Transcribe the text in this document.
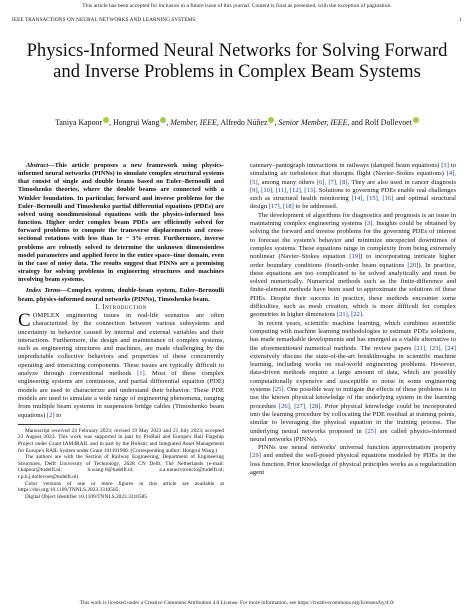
This article has been accepted for inclusion in a future issue of this journal. Content is final as presented, with the exception of pagination.
IEEE TRANSACTIONS ON NEURAL NETWORKS AND LEARNING SYSTEMS	1
Physics-Informed Neural Networks for Solving Forward and Inverse Problems in Complex Beam Systems
Taniya Kapoor , Hongrui Wang , Member, IEEE, Alfredo Núñez , Senior Member, IEEE, and Rolf Dollevoet

Abstract—This article proposes a new framework using physics-informed neural networks (PINNs) to simulate complex structural systems that consist of single and double beams based on Euler–Bernoulli and Timoshenko theories, where the double beams are connected with a Winkler foundation. In particular, forward and inverse problems for the Euler–Bernoulli and Timoshenko partial differential equations (PDEs) are solved using nondimensional equations with the physics-informed loss function. Higher order complex beam PDEs are efficiently solved for forward problems to compute the transverse displacements and cross-sectional rotations with less than 1e − 3% error. Furthermore, inverse problems are robustly solved to determine the unknown dimensionless model parameters and applied force in the entire space–time domain, even in the case of noisy data. The results suggest that PINNs are a promising strategy for solving problems in engineering structures and machines involving beam systems.

Index Terms—Complex system, double-beam system, Euler–Bernoulli beam, physics-informed neural networks (PINNs), Timoshenko beam.

I. Introduction

COMPLEX engineering issues in real-life scenarios are often characterized by the connection between various subsystems and uncertainty in behavior caused by internal and external variables and their interactions. Furthermore, the design and maintenance of complex systems, such as engineering structures and machines, are made challenging by the unpredictable collective behaviors and properties of these concurrently operating and interacting components. These issues are typically difficult to analyze through conventional methods [1]. Most of these complex engineering systems are continuous, and partial differential equation (PDE) models are used to characterize and understand their behavior. These PDE models are used to simulate a wide range of engineering phenomena, ranging from multiple beam systems in suspension bridge cables (Timoshenko beam equations) [2] to

Manuscript received 24 February 2023; revised 19 May 2023 and 21 July 2023; accepted 23 August 2023. This work was supported in part by ProRail and Europe's Rail Flagship Project under Grant IAM4RAIL and in part by the Holistic and Integrated Asset Management for Europe's RAIL System under Grant 101101966. (Corresponding author: Hongrui Wang.)

The authors are with the Section of Railway Engineering, Department of Engineering Structures, Delft University of Technology, 2628 CN Delft, The Netherlands (e-mail: t.kapoor@tudelft.nl; h.wang-8@tudelft.nl; a.a.nunezvicencio@tudelft.nl; r.p.b.j.dollevoet@tudelft.nl).

Color versions of one or more figures in this article are available at https://doi.org/10.1109/TNNLS.2023.3310585.

Digital Object Identifier 10.1109/TNNLS.2023.3310585

catenary–pantograph interactions in railways (damped beam equations) [3] to simulating air turbulence that disrupts flight (Navier–Stokes equations) [4], [5], among many others [6], [7], [8]. They are also used in cancer diagnosis [9], [10], [11], [12], [13]. Solutions to governing PDEs enable real challenges such as structural health monitoring [14], [15], [16] and optimal structural design [17], [18] to be addressed.

The development of algorithms for diagnostics and prognosis is an issue in maintaining complex engineering systems [3]. Insights could be obtained by solving the forward and inverse problems for the governing PDEs of interest to forecast the system's behavior and minimize unexpected downtimes of complex systems. These equations range in complexity from being extremely nonlinear (Navier–Stokes equation [19]) to incorporating intricate higher order boundary conditions (fourth-order beam equations [20]). In practice, these equations are too complicated to be solved analytically and must be solved numerically. Numerical methods such as the finite-difference and finite-element methods have been used to approximate the solutions of these PDEs. Despite their success in practice, these methods encounter some difficulties, such as mesh creation, which is more difficult for complex geometries in higher dimensions [21], [22].

In recent years, scientific machine learning, which combines scientific computing with machine learning methodologies to estimate PDEs solutions, has made remarkable developments and has emerged as a viable alternative to the aforementioned numerical methods. The review papers [21], [23], [24] extensively discuss the state-of-the-art breakthroughs in scientific machine learning, including works on real-world engineering problems. However, data-driven methods require a large amount of data, which are possibly computationally expensive and susceptible to noise in some engineering systems [25]. One possible way to mitigate the effects of these problems is to use the known physical knowledge of the underlying system in the learning procedure [26], [27], [28]. Prior physical knowledge could be incorporated into the learning procedure by collocating the PDE residual at training points, similar to leveraging the physical equation in the training process. The underlying neural networks proposed in [25] are called physics-informed neural networks (PINNs).

PINNs use neural networks' universal function approximation property [29] and embed the well-posed physical equations modeled by PDEs in the loss function. Prior knowledge of physical principles works as a regularization agent

This work is licensed under a Creative Commons Attribution 4.0 License. For more information, see https://creativecommons.org/licenses/by/4.0/
